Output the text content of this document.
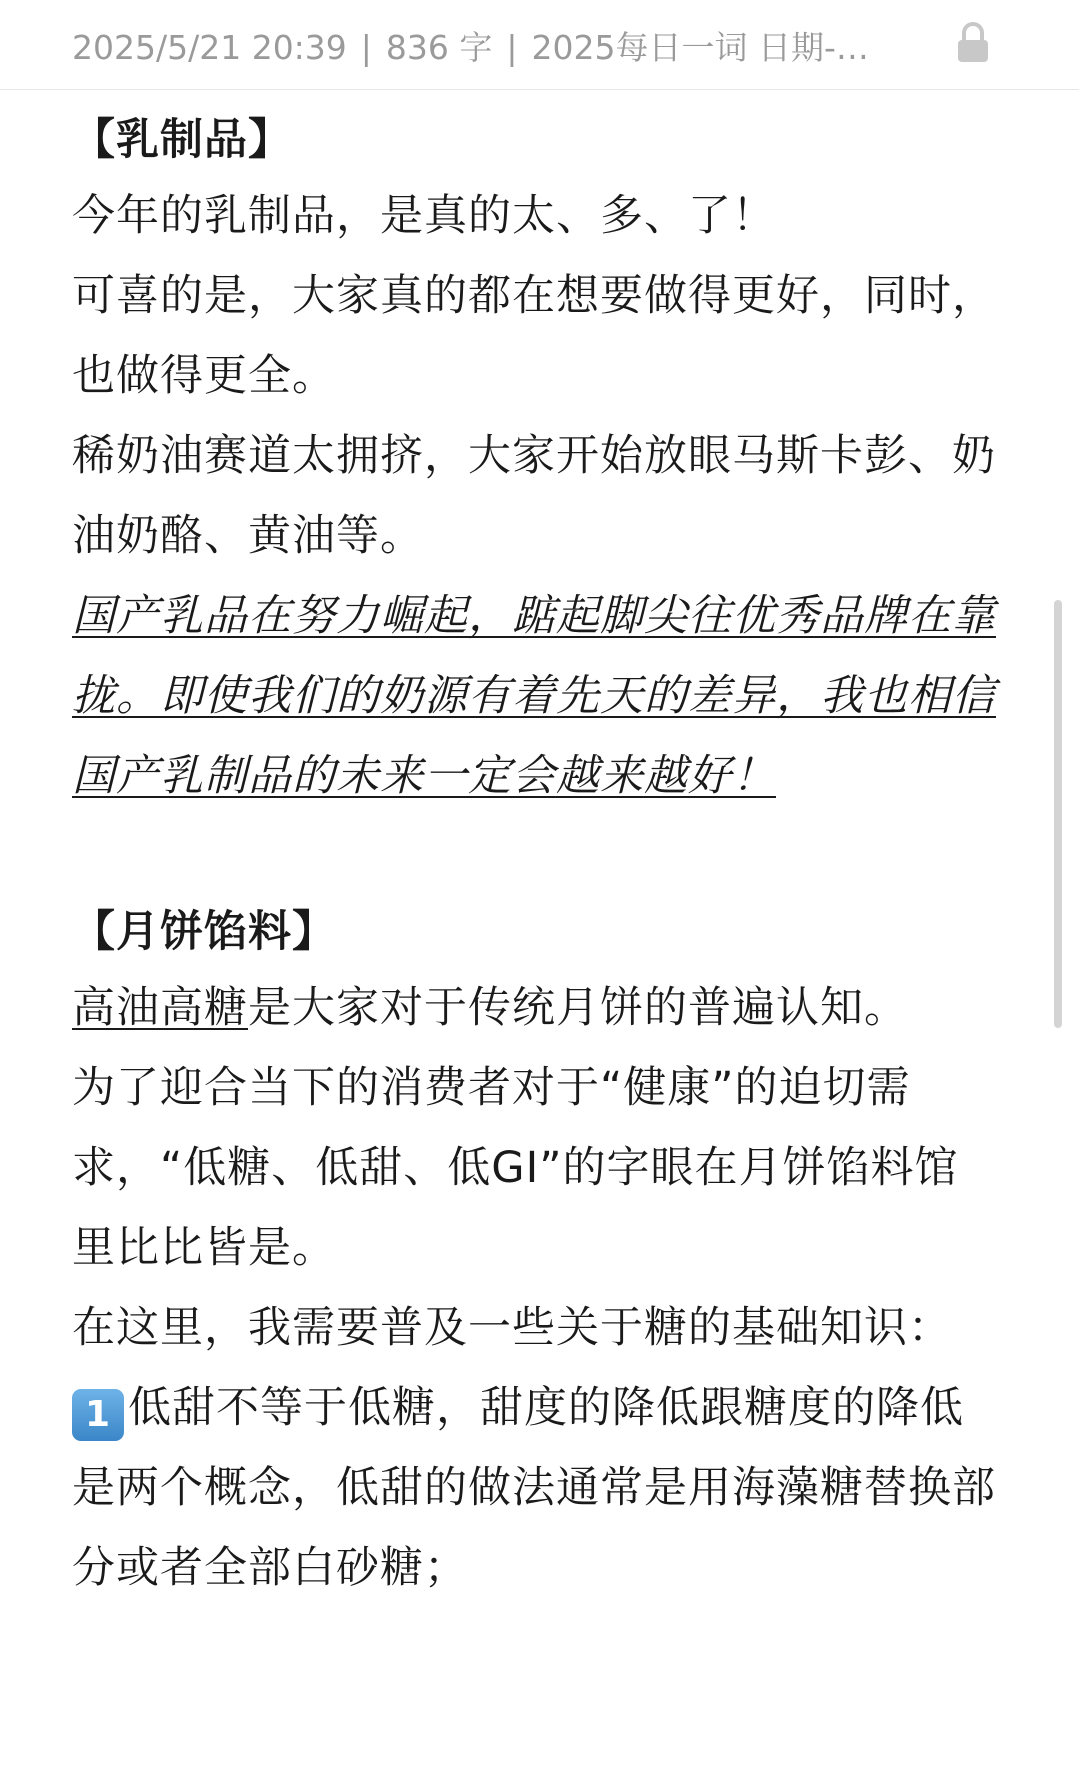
2025/5/21 20:39 | 836 字 | 2025每日一词 日期-…

【乳制品】

今年的乳制品，是真的太、多、了！

可喜的是，大家真的都在想要做得更好，同时，也做得更全。

稀奶油赛道太拥挤，大家开始放眼马斯卡彭、奶油奶酪、黄油等。

国产乳品在努力崛起，踮起脚尖往优秀品牌在靠拢。即使我们的奶源有着先天的差异，我也相信国产乳制品的未来一定会越来越好！

【月饼馅料】

高油高糖是大家对于传统月饼的普遍认知。

为了迎合当下的消费者对于“健康”的迫切需求，“低糖、低甜、低GI”的字眼在月饼馅料馆里比比皆是。

在这里，我需要普及一些关于糖的基础知识：

1 低甜不等于低糖，甜度的降低跟糖度的降低是两个概念，低甜的做法通常是用海藻糖替换部分或者全部白砂糖；
